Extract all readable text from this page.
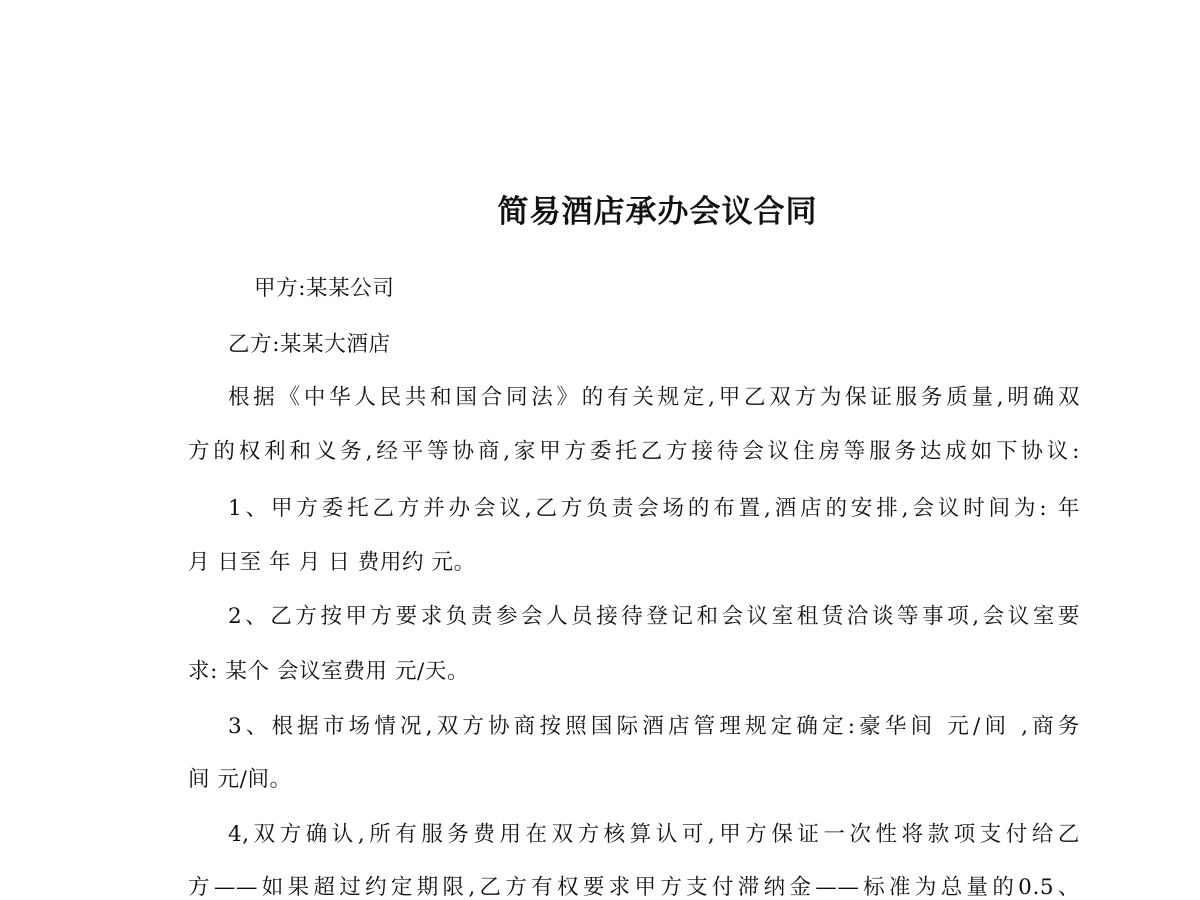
简易酒店承办会议合同
甲方:某某公司
乙方:某某大酒店
根据《中华人民共和国合同法》的有关规定,甲乙双方为保证服务质量,明确双
方的权利和义务,经平等协商,家甲方委托乙方接待会议住房等服务达成如下协议:
1、甲方委托乙方并办会议,乙方负责会场的布置,酒店的安排,会议时间为: 年
月 日至 年 月 日 费用约 元。
2、乙方按甲方要求负责参会人员接待登记和会议室租赁洽谈等事项,会议室要
求: 某个 会议室费用 元/天。
3、根据市场情况,双方协商按照国际酒店管理规定确定:豪华间 元/间 ,商务
间 元/间。
4,双方确认,所有服务费用在双方核算认可,甲方保证一次性将款项支付给乙
方——如果超过约定期限,乙方有权要求甲方支付滞纳金——标准为总量的0.5、
